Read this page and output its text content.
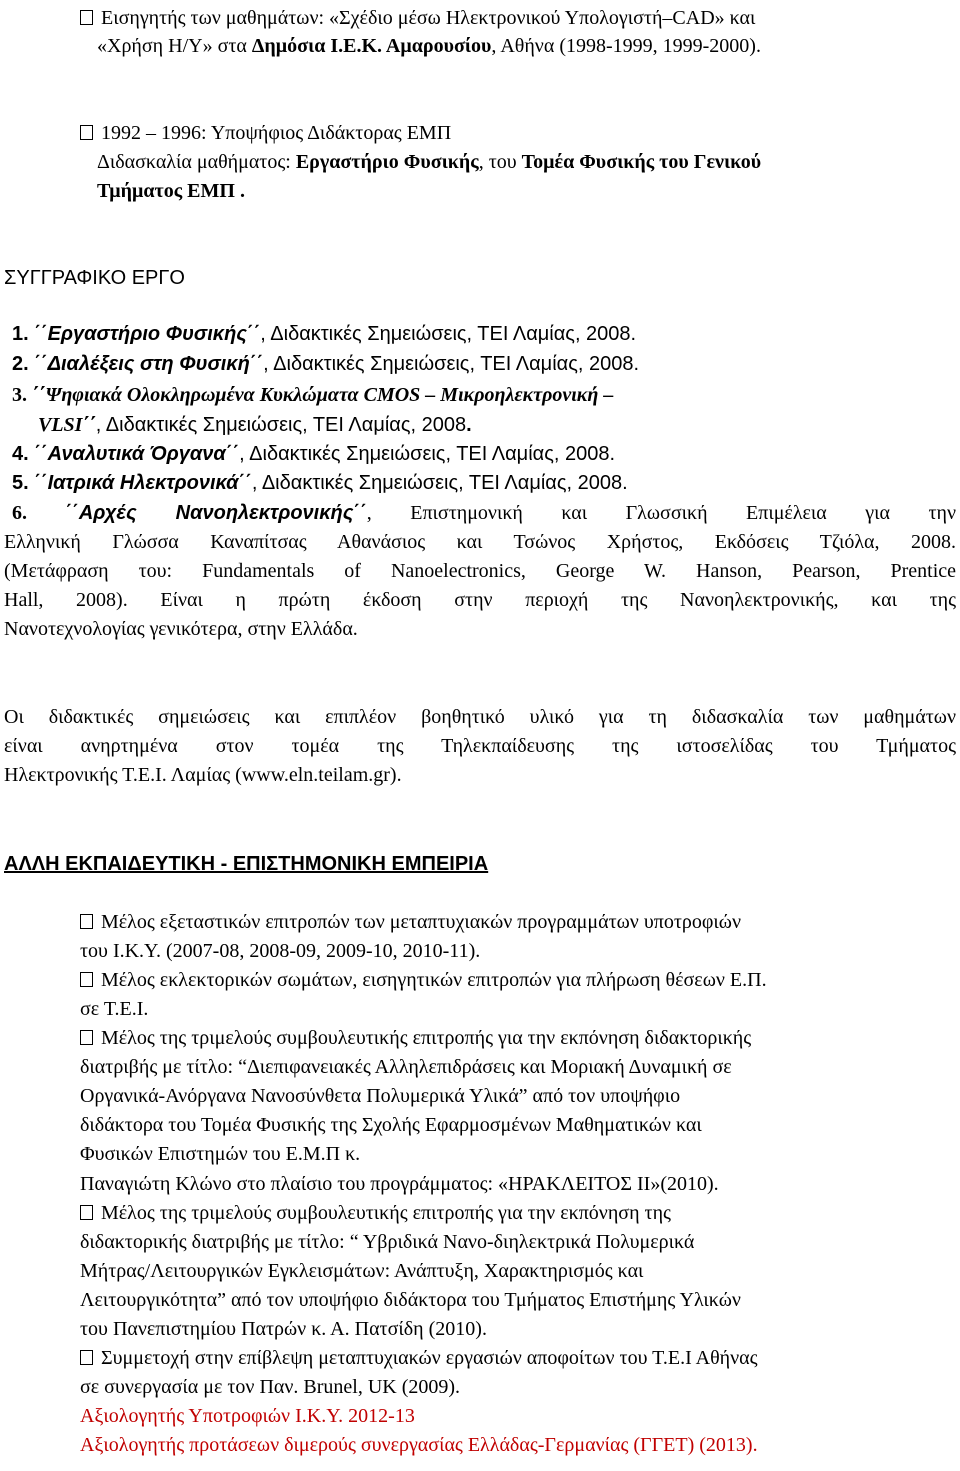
Εισηγητής των μαθημάτων: «Σχέδιο μέσω Ηλεκτρονικού Υπολογιστή–CAD» και
«Χρήση Η/Υ» στα Δημόσια Ι.Ε.Κ. Αμαρουσίου, Αθήνα (1998-1999, 1999-2000).
1992 – 1996: Υποψήφιος Διδάκτορας ΕΜΠ
Διδασκαλία μαθήματος: Εργαστήριο Φυσικής, του Τομέα Φυσικής του Γενικού
Τμήματος ΕΜΠ .
ΣΥΓΓΡΑΦΙΚΟ ΕΡΓΟ
1. ΄΄Εργαστήριο Φυσικής΄΄, Διδακτικές Σημειώσεις, ΤΕΙ Λαμίας, 2008.
2. ΄΄Διαλέξεις στη Φυσική΄΄, Διδακτικές Σημειώσεις, ΤΕΙ Λαμίας, 2008.
3. ΄΄Ψηφιακά Ολοκληρωμένα Κυκλώματα CMOS – Μικροηλεκτρονική –
VLSI΄΄, Διδακτικές Σημειώσεις, ΤΕΙ Λαμίας, 2008.
4. ΄΄Αναλυτικά Όργανα΄΄, Διδακτικές Σημειώσεις, ΤΕΙ Λαμίας, 2008.
5. ΄΄Ιατρικά Ηλεκτρονικά΄΄, Διδακτικές Σημειώσεις, ΤΕΙ Λαμίας, 2008.
6. ΄΄Αρχές Νανοηλεκτρονικής΄΄, Επιστημονική και Γλωσσική Επιμέλεια για την
Ελληνική Γλώσσα Καναπίτσας Αθανάσιος και Τσώνος Χρήστος, Εκδόσεις Τζιόλα, 2008.
(Μετάφραση του: Fundamentals of Nanoelectronics, George W. Hanson, Pearson, Prentice
Hall, 2008). Είναι η πρώτη έκδοση στην περιοχή της Νανοηλεκτρονικής, και της
Νανοτεχνολογίας γενικότερα, στην Ελλάδα.
Οι διδακτικές σημειώσεις και επιπλέον βοηθητικό υλικό για τη διδασκαλία των μαθημάτων
είναι ανηρτημένα στον τομέα της Τηλεκπαίδευσης της ιστοσελίδας του Τμήματος
Ηλεκτρονικής Τ.Ε.Ι. Λαμίας (www.eln.teilam.gr).
ΑΛΛΗ ΕΚΠΑΙΔΕΥΤΙΚΗ - ΕΠΙΣΤΗΜΟΝΙΚΗ ΕΜΠΕΙΡΙΑ
Μέλος εξεταστικών επιτροπών των μεταπτυχιακών προγραμμάτων υποτροφιών
του Ι.Κ.Υ. (2007-08, 2008-09, 2009-10, 2010-11).
Μέλος εκλεκτορικών σωμάτων, εισηγητικών επιτροπών για πλήρωση θέσεων Ε.Π.
σε Τ.Ε.Ι.
Μέλος της τριμελούς συμβουλευτικής επιτροπής για την εκπόνηση διδακτορικής
διατριβής με τίτλο: “Διεπιφανειακές Αλληλεπιδράσεις και Μοριακή Δυναμική σε
Οργανικά-Ανόργανα Νανοσύνθετα Πολυμερικά Υλικά” από τον υποψήφιο
διδάκτορα του Τομέα Φυσικής της Σχολής Εφαρμοσμένων Μαθηματικών και
Φυσικών Επιστημών του Ε.Μ.Π κ.
Παναγιώτη Κλώνο στο πλαίσιο του προγράμματος: «ΗΡΑΚΛΕΙΤΟΣ ΙΙ»(2010).
Μέλος της τριμελούς συμβουλευτικής επιτροπής για την εκπόνηση της
διδακτορικής διατριβής με τίτλο: “ Υβριδικά Νανο-διηλεκτρικά Πολυμερικά
Μήτρας/Λειτουργικών Εγκλεισμάτων: Ανάπτυξη, Χαρακτηρισμός και
Λειτουργικότητα” από τον υποψήφιο διδάκτορα του Τμήματος Επιστήμης Υλικών
του Πανεπιστημίου Πατρών κ. Α. Πατσίδη (2010).
Συμμετοχή στην επίβλεψη μεταπτυχιακών εργασιών αποφοίτων του Τ.Ε.Ι Αθήνας
σε συνεργασία με τον Παν. Brunel, UK (2009).
Αξιολογητής Υποτροφιών Ι.Κ.Υ. 2012-13
Αξιολογητής προτάσεων διμερούς συνεργασίας Ελλάδας-Γερμανίας (ΓΓΕΤ) (2013).
